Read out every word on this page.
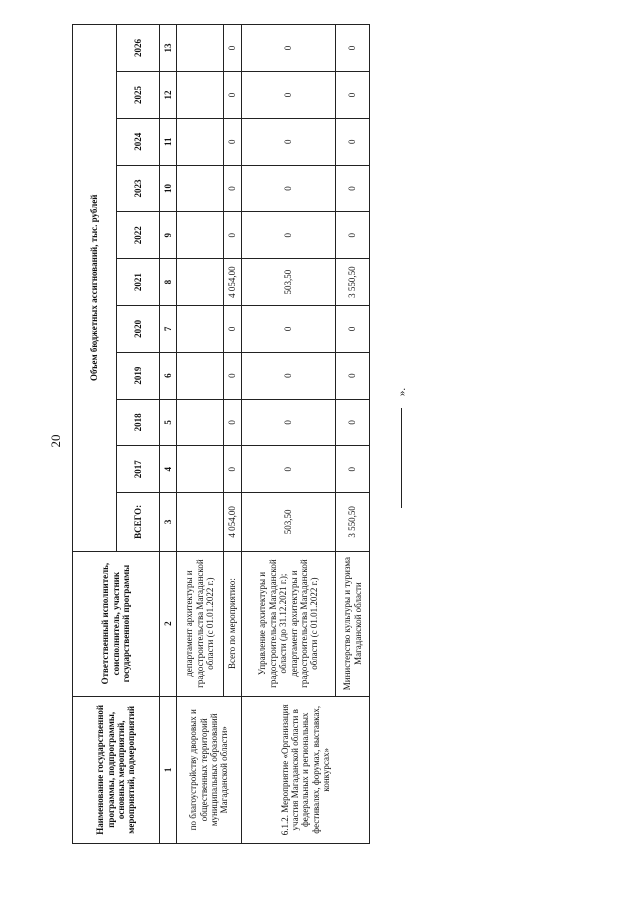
20
».
Наименование государственной программы, подпрограммы, основных мероприятий, мероприятий, подмероприятий	Ответственный исполнитель, соисполнитель, участник государственной программы	Объем бюджетных ассигнований, тыс. рублей										
		ВСЕГО:	2017	2018	2019	2020	2021	2022	2023	2024	2025	2026
1	2	3	4	5	6	7	8	9	10	11	12	13
по благоустройству дворовых и общественных территорий муниципальных образований Магаданской области»	департамент архитектуры и градостроительства Магаданской области (с 01.01.2022 г.)											
	Всего по мероприятию:	4 054,00	0	0	0	0	4 054,00	0	0	0	0	0
6.1.2. Мероприятие «Организация участия Магаданской области в федеральных и региональных фестивалях, форумах, выставках, конкурсах»	Управление архитектуры и градостроительства Магаданской области (до 31.12.2021 г.); департамент архитектуры и градостроительства Магаданской области (с 01.01.2022 г.)	503,50	0	0	0	0	503,50	0	0	0	0	0
	Министерство культуры и туризма Магаданской области	3 550,50	0	0	0	0	3 550,50	0	0	0	0	0
